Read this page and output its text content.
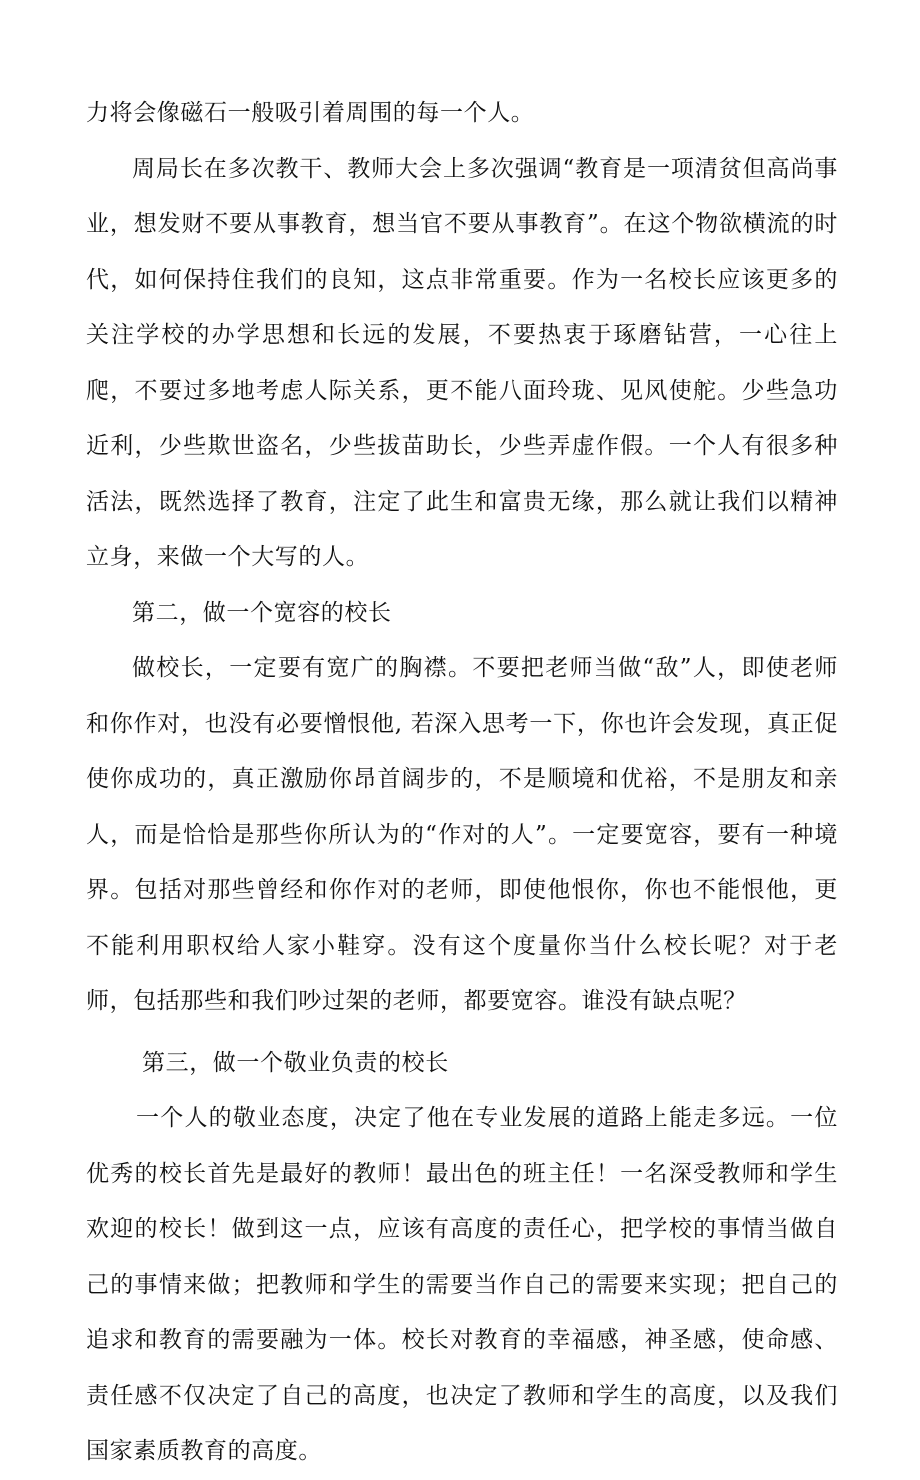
力将会像磁石一般吸引着周围的每一个人。

周局长在多次教干、教师大会上多次强调“教育是一项清贫但高尚事业，想发财不要从事教育，想当官不要从事教育”。在这个物欲横流的时代，如何保持住我们的良知，这点非常重要。作为一名校长应该更多的关注学校的办学思想和长远的发展，不要热衷于琢磨钻营，一心往上爬，不要过多地考虑人际关系，更不能八面玲珑、见风使舵。少些急功近利，少些欺世盗名，少些拔苗助长，少些弄虚作假。一个人有很多种活法，既然选择了教育，注定了此生和富贵无缘，那么就让我们以精神立身，来做一个大写的人。

第二，做一个宽容的校长

做校长，一定要有宽广的胸襟。不要把老师当做“敌”人，即使老师和你作对，也没有必要憎恨他, 若深入思考一下，你也许会发现，真正促使你成功的，真正激励你昂首阔步的，不是顺境和优裕，不是朋友和亲人，而是恰恰是那些你所认为的“作对的人”。一定要宽容，要有一种境界。包括对那些曾经和你作对的老师，即使他恨你，你也不能恨他，更不能利用职权给人家小鞋穿。没有这个度量你当什么校长呢？对于老师，包括那些和我们吵过架的老师，都要宽容。谁没有缺点呢？

第三，做一个敬业负责的校长

一个人的敬业态度，决定了他在专业发展的道路上能走多远。一位优秀的校长首先是最好的教师！最出色的班主任！一名深受教师和学生欢迎的校长！做到这一点，应该有高度的责任心，把学校的事情当做自己的事情来做；把教师和学生的需要当作自己的需要来实现；把自己的追求和教育的需要融为一体。校长对教育的幸福感，神圣感，使命感、责任感不仅决定了自己的高度，也决定了教师和学生的高度，以及我们国家素质教育的高度。
